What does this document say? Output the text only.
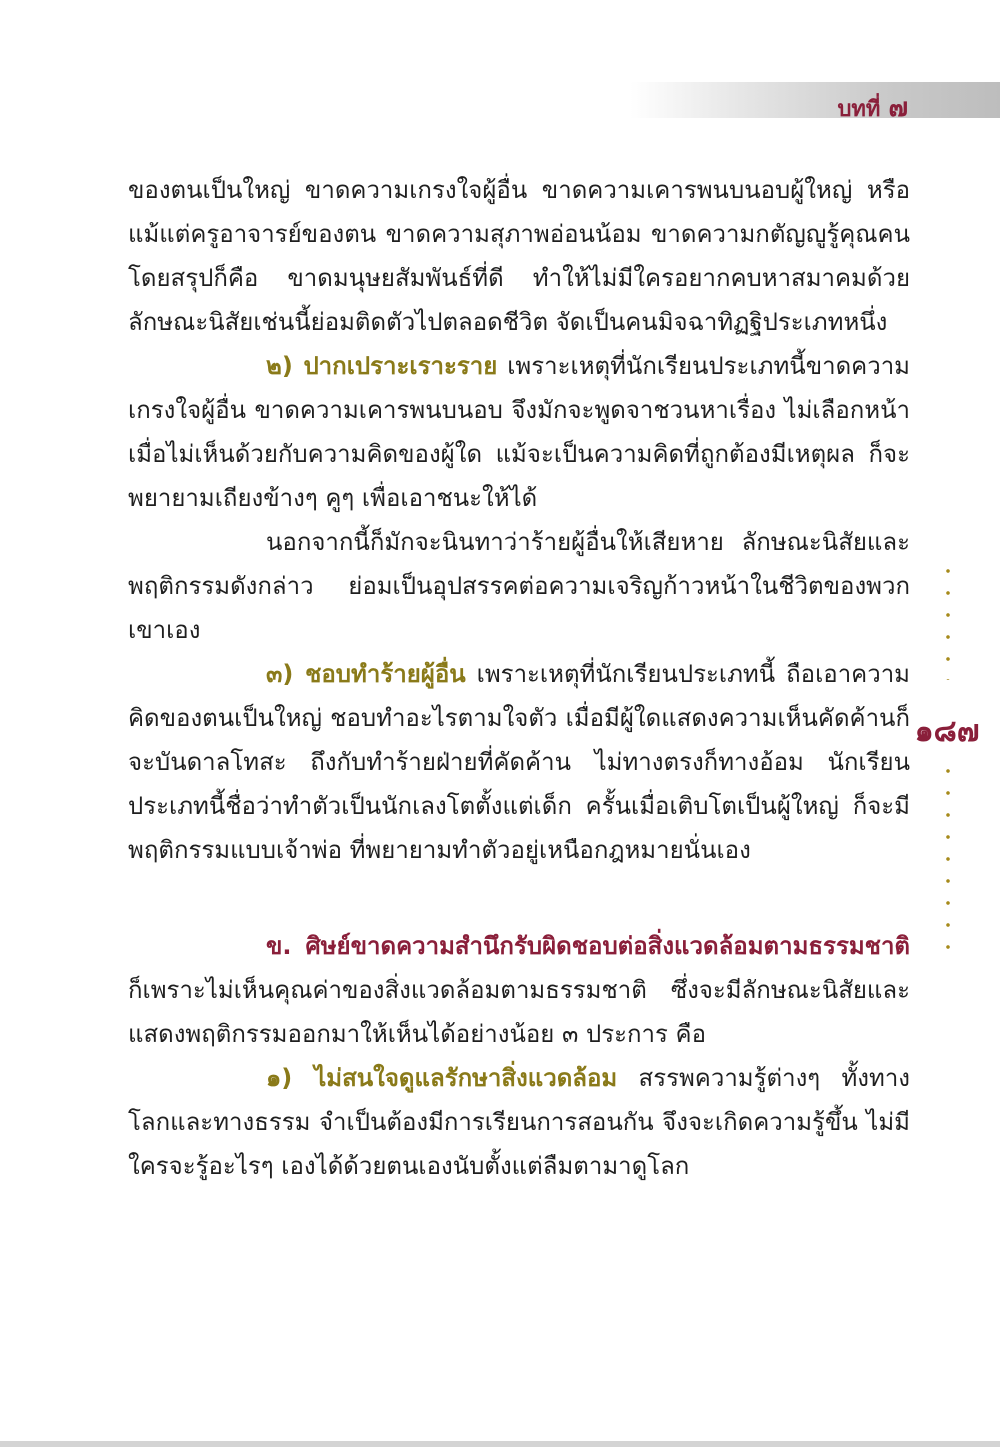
บทที่ ๗

ของตนเป็นใหญ่ ขาดความเกรงใจผู้อื่น ขาดความเคารพนบนอบผู้ใหญ่ หรือแม้แต่ครูอาจารย์ของตน ขาดความสุภาพอ่อนน้อม ขาดความกตัญญูรู้คุณคน โดยสรุปก็คือ ขาดมนุษยสัมพันธ์ที่ดี ทำให้ไม่มีใครอยากคบหาสมาคมด้วย ลักษณะนิสัยเช่นนี้ย่อมติดตัวไปตลอดชีวิต จัดเป็นคนมิจฉาทิฏฐิประเภทหนึ่ง

๒) ปากเปราะเราะราย เพราะเหตุที่นักเรียนประเภทนี้ขาดความเกรงใจผู้อื่น ขาดความเคารพนบนอบ จึงมักจะพูดจาชวนหาเรื่อง ไม่เลือกหน้า เมื่อไม่เห็นด้วยกับความคิดของผู้ใด แม้จะเป็นความคิดที่ถูกต้องมีเหตุผล ก็จะพยายามเถียงข้างๆ คูๆ เพื่อเอาชนะให้ได้

นอกจากนี้ก็มักจะนินทาว่าร้ายผู้อื่นให้เสียหาย ลักษณะนิสัยและพฤติกรรมดังกล่าว ย่อมเป็นอุปสรรคต่อความเจริญก้าวหน้าในชีวิตของพวกเขาเอง

๓) ชอบทำร้ายผู้อื่น เพราะเหตุที่นักเรียนประเภทนี้ ถือเอาความคิดของตนเป็นใหญ่ ชอบทำอะไรตามใจตัว เมื่อมีผู้ใดแสดงความเห็นคัดค้านก็จะบันดาลโทสะ ถึงกับทำร้ายฝ่ายที่คัดค้าน ไม่ทางตรงก็ทางอ้อม นักเรียนประเภทนี้ชื่อว่าทำตัวเป็นนักเลงโตตั้งแต่เด็ก ครั้นเมื่อเติบโตเป็นผู้ใหญ่ ก็จะมีพฤติกรรมแบบเจ้าพ่อ ที่พยายามทำตัวอยู่เหนือกฎหมายนั่นเอง

ข. ศิษย์ขาดความสำนึกรับผิดชอบต่อสิ่งแวดล้อมตามธรรมชาติ ก็เพราะไม่เห็นคุณค่าของสิ่งแวดล้อมตามธรรมชาติ ซึ่งจะมีลักษณะนิสัยและแสดงพฤติกรรมออกมาให้เห็นได้อย่างน้อย ๓ ประการ คือ

๑) ไม่สนใจดูแลรักษาสิ่งแวดล้อม สรรพความรู้ต่างๆ ทั้งทางโลกและทางธรรม จำเป็นต้องมีการเรียนการสอนกัน จึงจะเกิดความรู้ขึ้น ไม่มีใครจะรู้อะไรๆ เองได้ด้วยตนเองนับตั้งแต่ลืมตามาดูโลก

๑๘๗
